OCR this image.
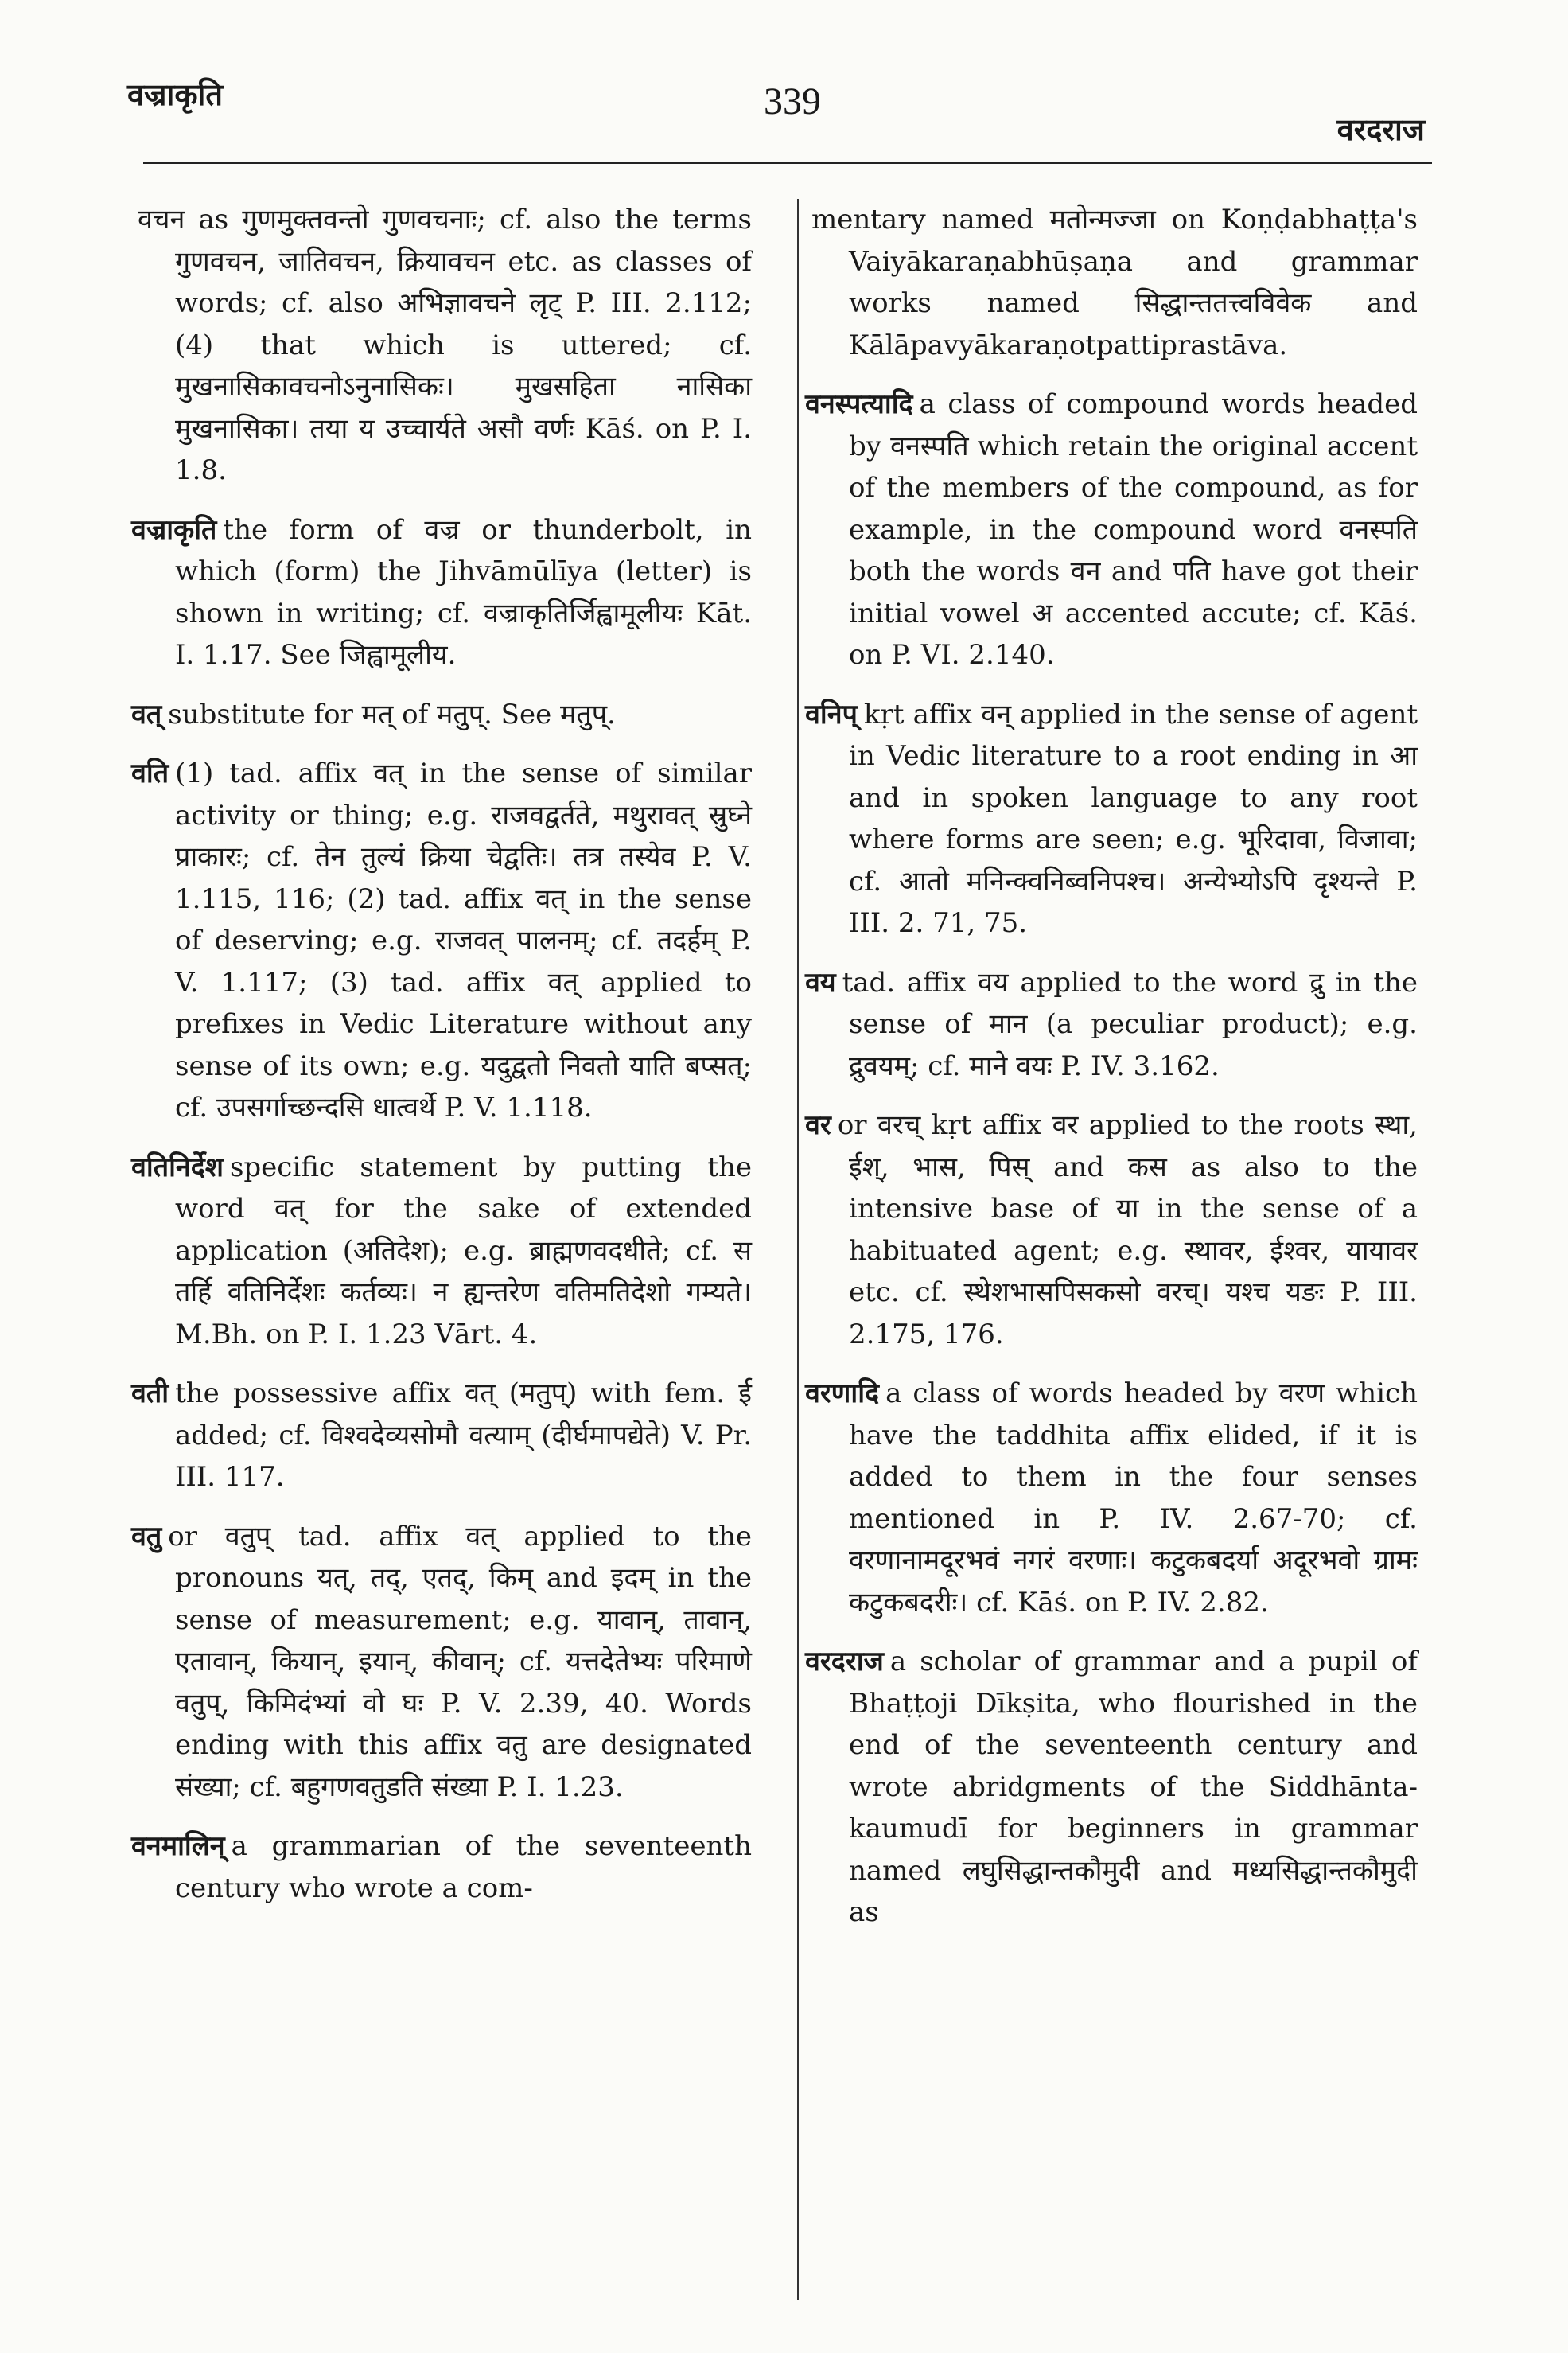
वज्राकृति	339
वरदराज

वचन as गुणमुक्तवन्तो गुणवचनाः; cf. also the terms गुणवचन, जातिवचन, क्रियावचन etc. as classes of words; cf. also अभिज्ञावचने लृट् P. III. 2.112; (4) that which is uttered; cf. मुखनासिकावचनोऽनुनासिकः। मुखसहिता नासिका मुखनासिका। तया य उच्चार्यते असौ वर्णः Kāś. on P. I. 1.8.

वज्राकृति the form of वज्र or thunderbolt, in which (form) the Jihvāmūlīya (letter) is shown in writing; cf. वज्राकृतिर्जिह्वामूलीयः Kāt. I. 1.17. See जिह्वामूलीय.

वत् substitute for मत् of मतुप्. See मतुप्.

वति (1) tad. affix वत् in the sense of similar activity or thing; e.g. राजवद्वर्तते, मथुरावत् स्रुघ्ने प्राकारः; cf. तेन तुल्यं क्रिया चेद्वतिः। तत्र तस्येव P. V. 1.115, 116; (2) tad. affix वत् in the sense of deserving; e.g. राजवत् पालनम्; cf. तदर्हम् P. V. 1.117; (3) tad. affix वत् applied to prefixes in Vedic Literature without any sense of its own; e.g. यदुद्वतो निवतो याति बप्सत्; cf. उपसर्गाच्छन्दसि धात्वर्थे P. V. 1.118.

वतिनिर्देश specific statement by putting the word वत् for the sake of extended application (अतिदेश); e.g. ब्राह्मणवदधीते; cf. स तर्हि वतिनिर्देशः कर्तव्यः। न ह्यन्तरेण वतिमतिदेशो गम्यते। M.Bh. on P. I. 1.23 Vārt. 4.

वती the possessive affix वत् (मतुप्) with fem. ई added; cf. विश्वदेव्यसोमौ वत्याम् (दीर्घमापद्येते) V. Pr. III. 117.

वतु or वतुप् tad. affix वत् applied to the pronouns यत्, तद्, एतद्, किम् and इदम् in the sense of measurement; e.g. यावान्, तावान्, एतावान्, कियान्, इयान्, कीवान्; cf. यत्तदेतेभ्यः परिमाणे वतुप्, किमिदंभ्यां वो घः P. V. 2.39, 40. Words ending with this affix वतु are designated संख्या; cf. बहुगणवतुडति संख्या P. I. 1.23.

वनमालिन् a grammarian of the seventeenth century who wrote a com-

mentary named मतोन्मज्जा on Koṇḍabhaṭṭa's Vaiyākaraṇabhūṣaṇa and grammar works named सिद्धान्ततत्त्वविवेक and Kālāpavyākaraṇotpattiprastāva.

वनस्पत्यादि a class of compound words headed by वनस्पति which retain the original accent of the members of the compound, as for example, in the compound word वनस्पति both the words वन and पति have got their initial vowel अ accented accute; cf. Kāś. on P. VI. 2.140.

वनिप् kṛt affix वन् applied in the sense of agent in Vedic literature to a root ending in आ and in spoken language to any root where forms are seen; e.g. भूरिदावा, विजावा; cf. आतो मनिन्क्वनिब्वनिपश्च। अन्येभ्योऽपि दृश्यन्ते P. III. 2. 71, 75.

वय tad. affix वय applied to the word द्रु in the sense of मान (a peculiar product); e.g. द्रुवयम्; cf. माने वयः P. IV. 3.162.

वर or वरच् kṛt affix वर applied to the roots स्था, ईश्, भास, पिस् and कस as also to the intensive base of या in the sense of a habituated agent; e.g. स्थावर, ईश्वर, यायावर etc. cf. स्थेशभासपिसकसो वरच्। यश्च यङः P. III. 2.175, 176.

वरणादि a class of words headed by वरण which have the taddhita affix elided, if it is added to them in the four senses mentioned in P. IV. 2.67-70; cf. वरणानामदूरभवं नगरं वरणाः। कटुकबदर्या अदूरभवो ग्रामः कटुकबदरीः। cf. Kāś. on P. IV. 2.82.

वरदराज a scholar of grammar and a pupil of Bhaṭṭoji Dīkṣita, who flourished in the end of the seventeenth century and wrote abridgments of the Siddhānta-kaumudī for beginners in grammar named लघुसिद्धान्तकौमुदी and मध्यसिद्धान्तकौमुदी as
